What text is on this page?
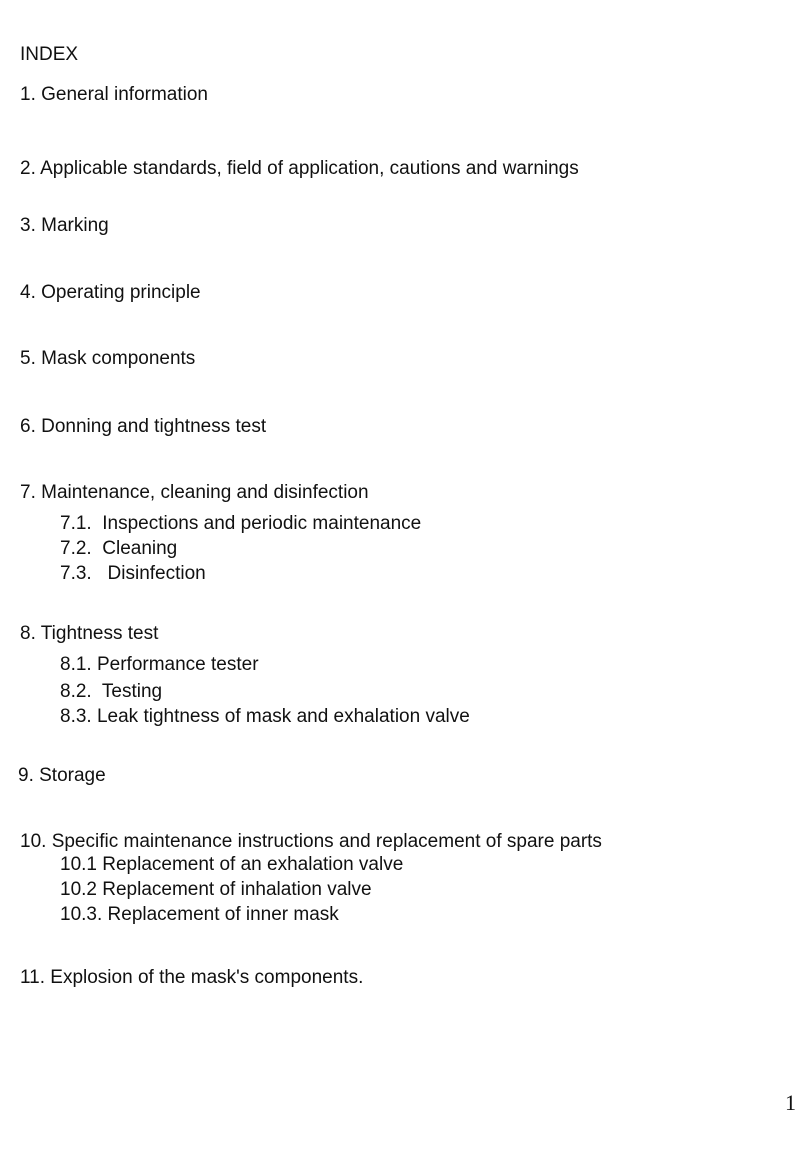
INDEX
1. General information
2. Applicable standards, field of application, cautions and warnings
3. Marking
4. Operating principle
5. Mask components
6. Donning and tightness test
7. Maintenance, cleaning and disinfection
7.1.  Inspections and periodic maintenance
7.2.  Cleaning
7.3.   Disinfection
8. Tightness test
8.1. Performance tester
8.2.  Testing
8.3. Leak tightness of mask and exhalation valve
9. Storage
10. Specific maintenance instructions and replacement of spare parts
10.1 Replacement of an exhalation valve
10.2 Replacement of inhalation valve
10.3. Replacement of inner mask
11. Explosion of the mask's components.
1
